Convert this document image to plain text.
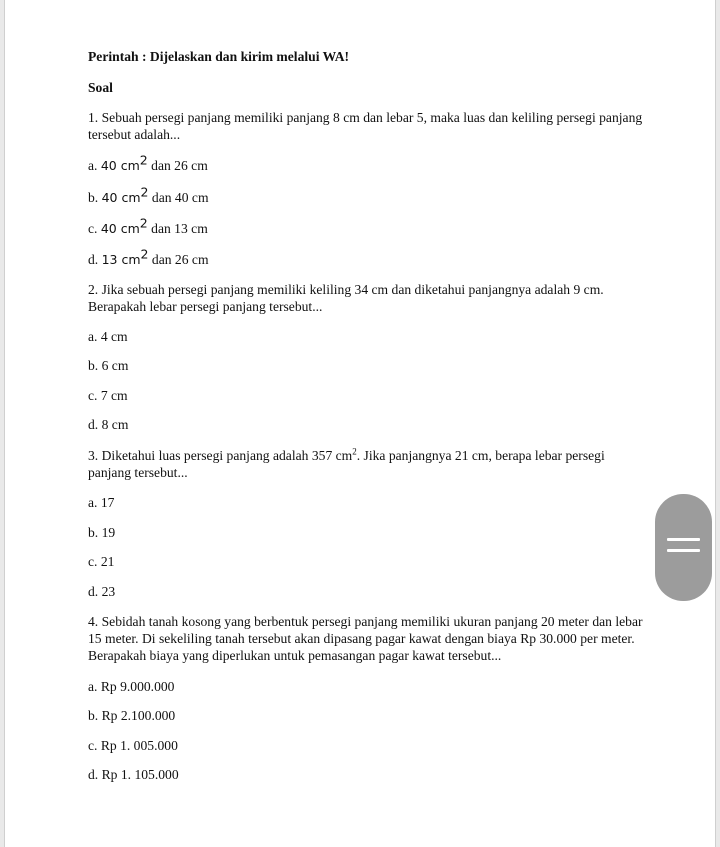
Perintah : Dijelaskan dan kirim melalui WA!
Soal
1. Sebuah persegi panjang memiliki panjang 8 cm dan lebar 5, maka luas dan keliling persegi panjang tersebut adalah...
a. 40 $cm^2$ dan 26 cm
b. 40 $cm^2$ dan 40 cm
c. 40 $cm^2$ dan 13 cm
d. 13 $cm^2$ dan 26 cm
2. Jika sebuah persegi panjang memiliki keliling 34 cm dan diketahui panjangnya adalah 9 cm. Berapakah lebar persegi panjang tersebut...
a. 4 cm
b. 6 cm
c. 7 cm
d. 8 cm
3. Diketahui luas persegi panjang adalah 357 $cm^2$. Jika panjangnya 21 cm, berapa lebar persegi panjang tersebut...
a. 17
b. 19
c. 21
d. 23
4. Sebidah tanah kosong yang berbentuk persegi panjang memiliki ukuran panjang 20 meter dan lebar 15 meter. Di sekeliling tanah tersebut akan dipasang pagar kawat dengan biaya Rp 30.000 per meter. Berapakah biaya yang diperlukan untuk pemasangan pagar kawat tersebut...
a. Rp 9.000.000
b. Rp 2.100.000
c. Rp 1. 005.000
d. Rp 1. 105.000
